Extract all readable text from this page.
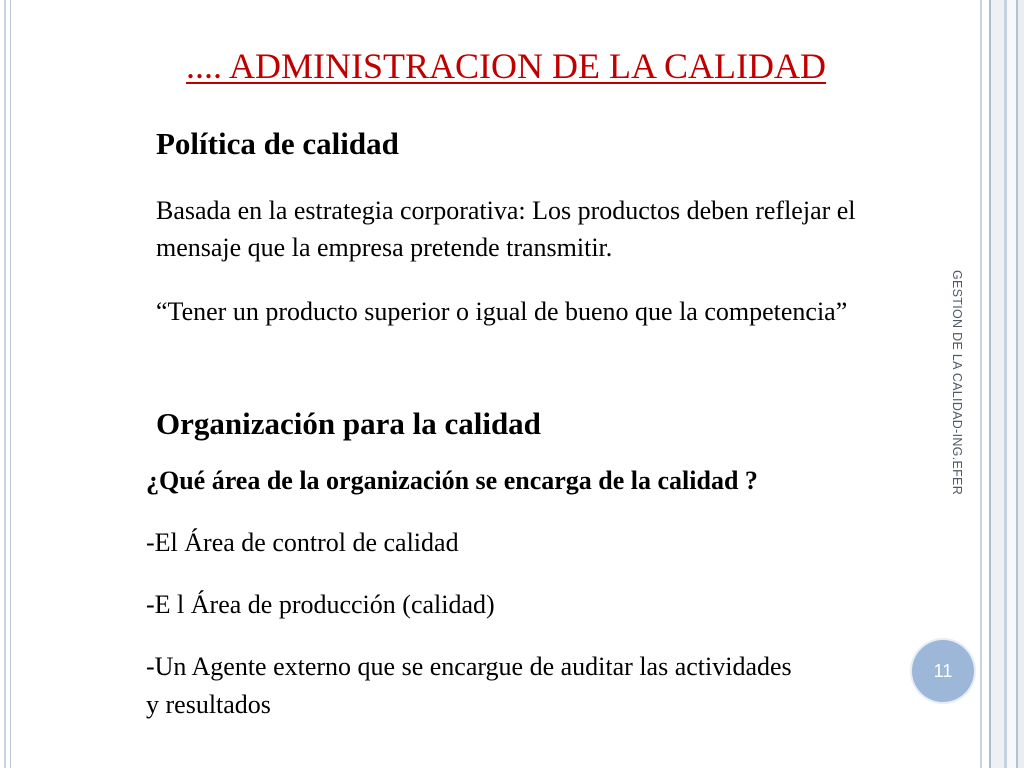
.... ADMINISTRACION DE LA CALIDAD
Política de calidad

Basada en la estrategia corporativa: Los productos deben reflejar el mensaje que la empresa pretende transmitir.

“Tener un producto superior o igual de bueno que la competencia”

Organización para la calidad

¿Qué área de la organización se encarga de la calidad ?

-El Área de control de calidad

-E l Área de producción (calidad)

11

-Un Agente externo que se encargue de auditar las actividades

y resultados

GESTION DE LA CALIDAD-ING.EFER
